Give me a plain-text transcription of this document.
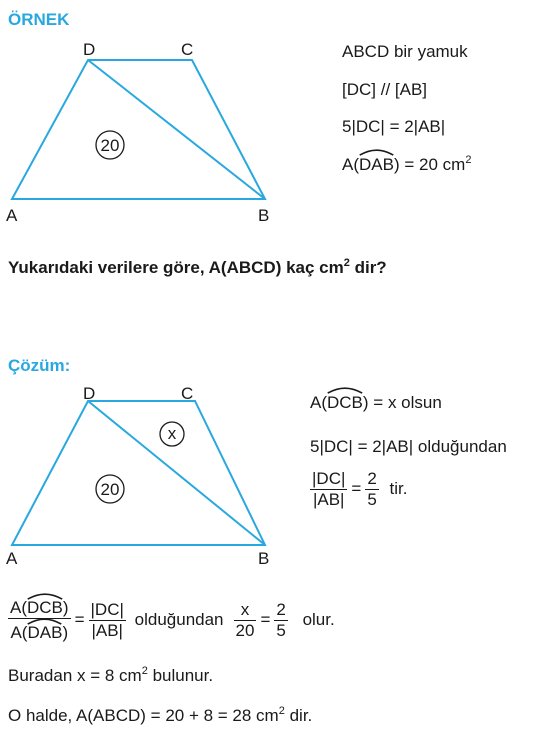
ÖRNEK
20
D	C
A	B
ABCD bir yamuk
[DC] // [AB]
5|DC| = 2|AB|
A(
DAB) = 20 $cm^2$
Yukarıdaki verilere göre, A(ABCD) kaç $cm^2$ dir?
Çözüm:
x
20
D	C
A	B
A(
DCB) = x olsun
5|DC| = 2|AB| olduğundan
$\frac{|DC|}{|AB|} = \frac{2}{5}$ tir.
A(
DCB)
A(
$DAB) = \frac{|DC|}{|AB|}$ olduğundan $\frac{x}{20} = \frac{2}{5}$ olur.
Buradan x = 8 $cm^2$ bulunur.
O halde, A(ABCD) = 20 + 8 = 28 $cm^2$ dir.
